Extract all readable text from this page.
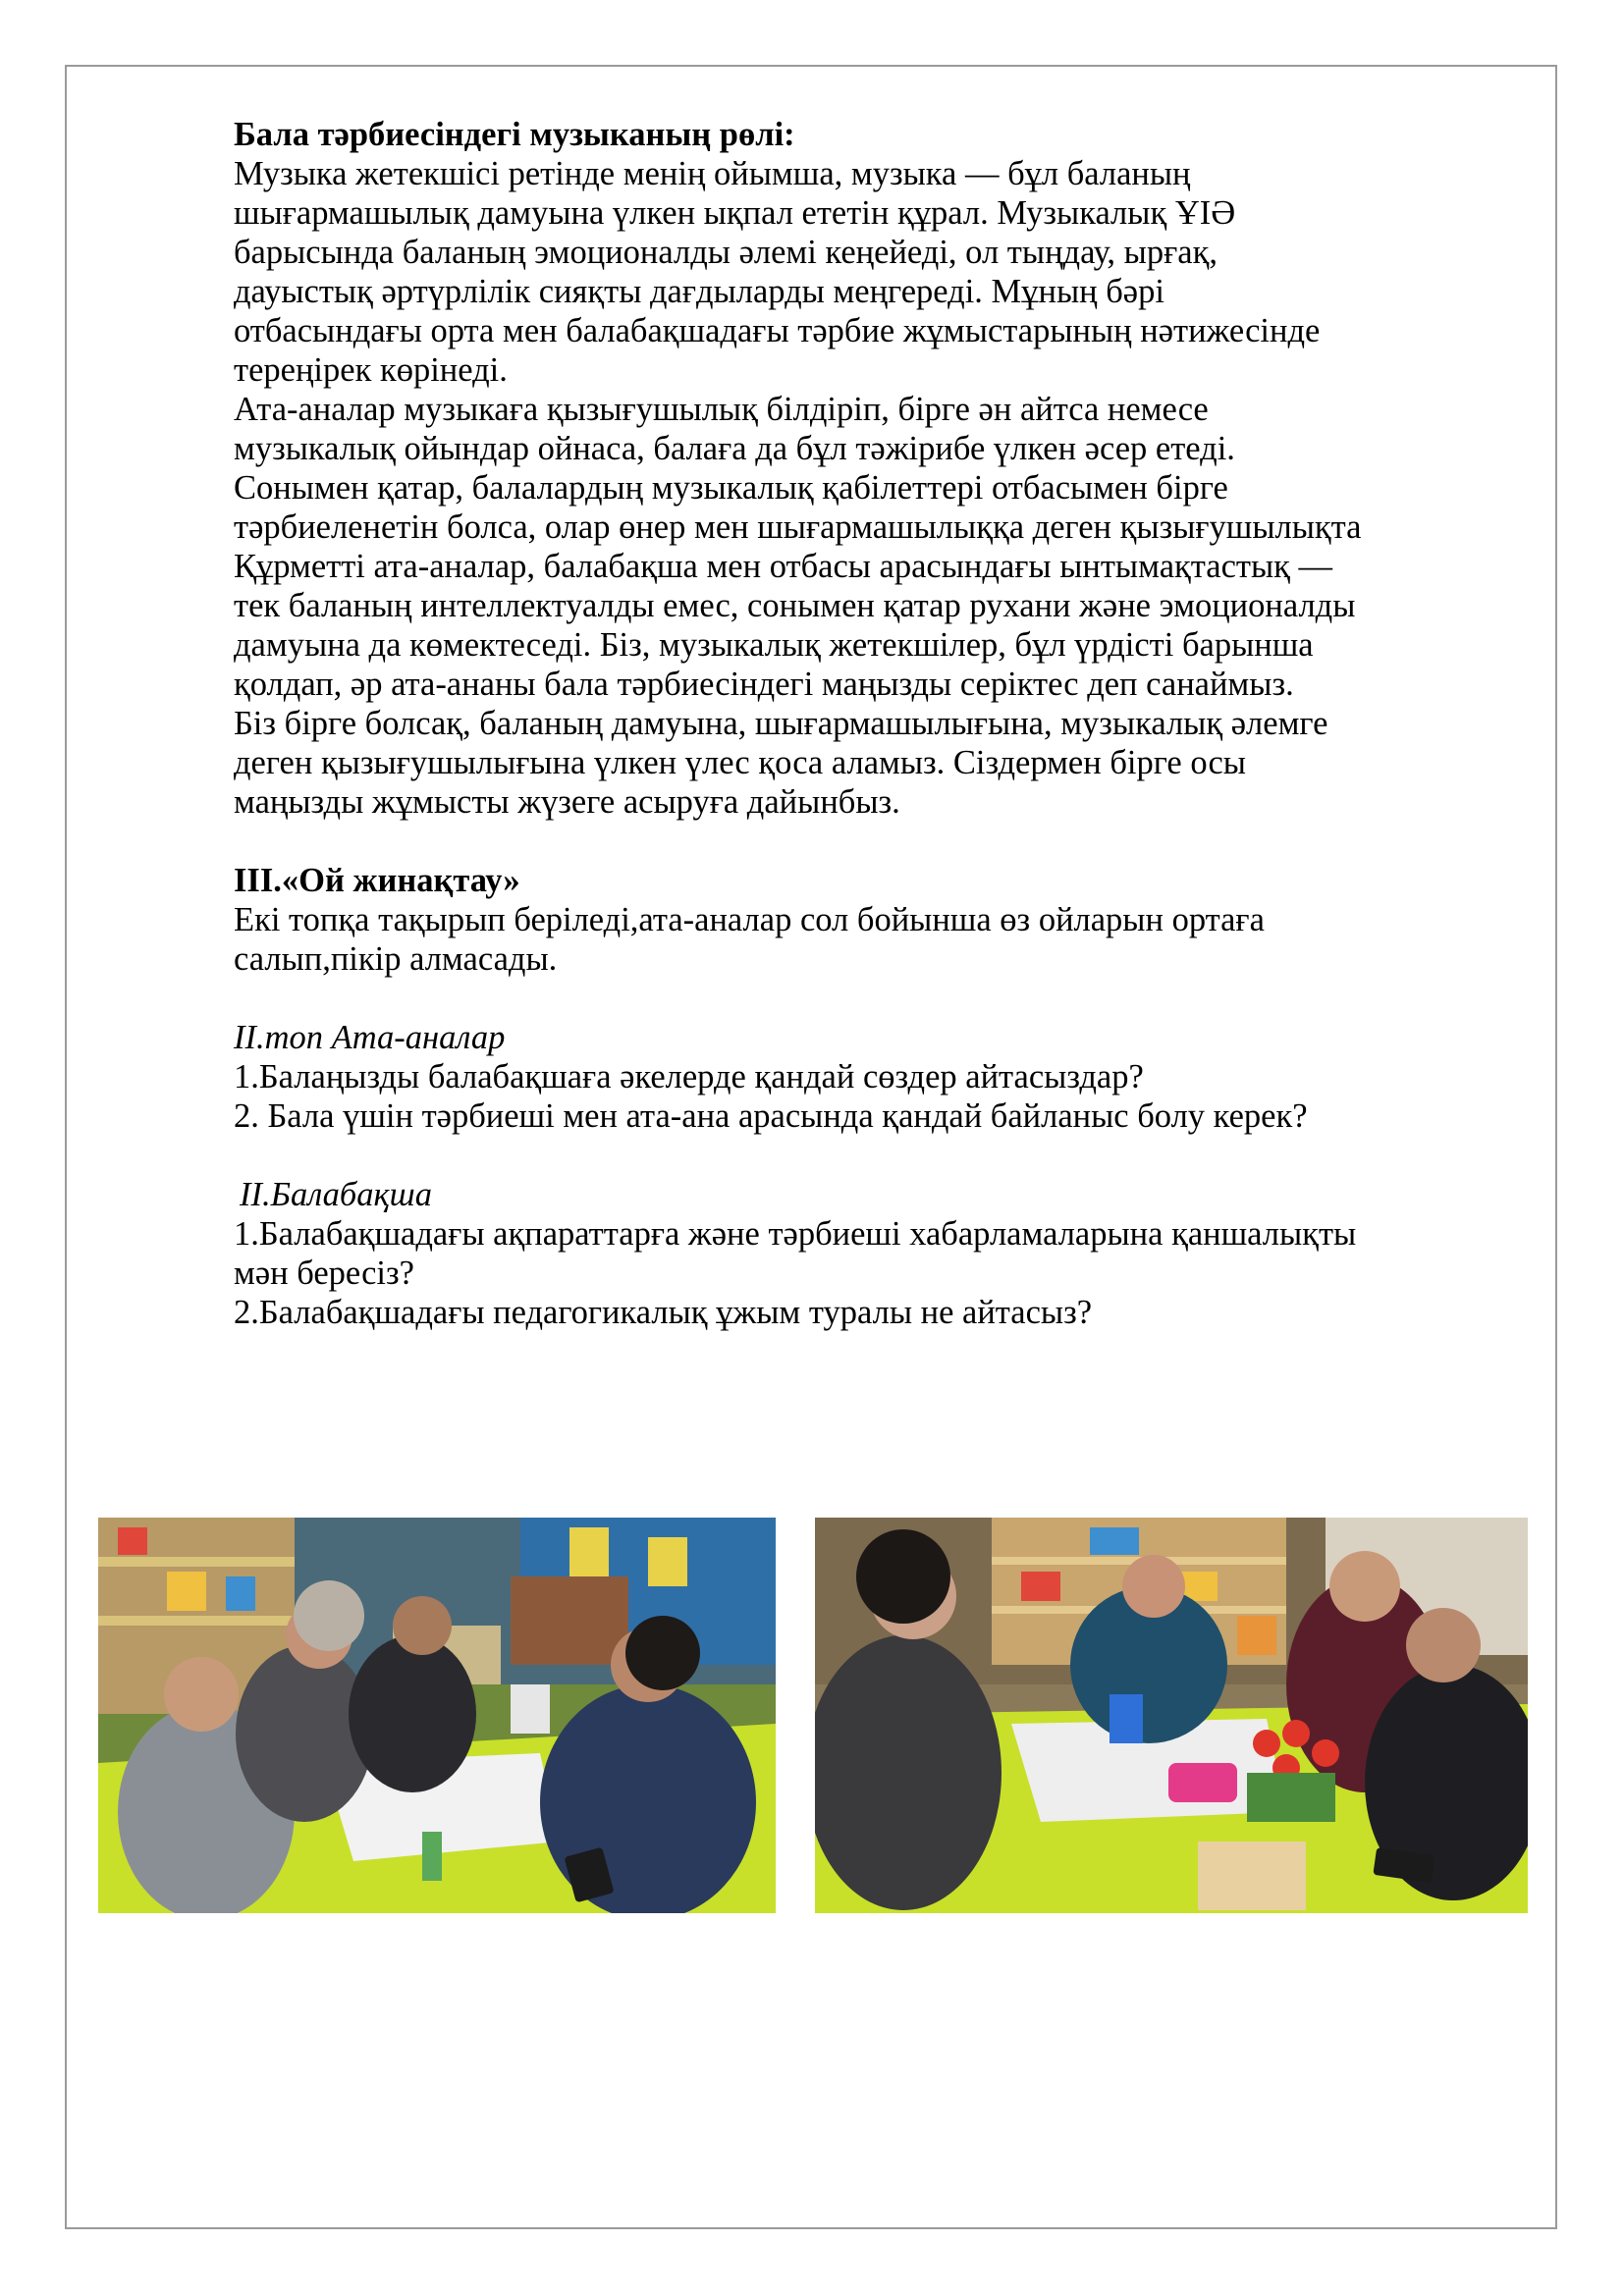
Бала тәрбиесіндегі музыканың рөлі:

Музыка жетекшісі ретінде менің ойымша, музыка — бұл баланың

шығармашылық дамуына үлкен ықпал ететін құрал. Музыкалық ҰІӘ

барысында баланың эмоционалды әлемі кеңейеді, ол тыңдау, ырғақ,

дауыстық әртүрлілік сияқты дағдыларды меңгереді. Мұның бәрі

отбасындағы орта мен балабақшадағы тәрбие жұмыстарының нәтижесінде

тереңірек көрінеді.

Ата-аналар музыкаға қызығушылық білдіріп, бірге ән айтса немесе

музыкалық ойындар ойнаса, балаға да бұл тәжірибе үлкен әсер етеді.

Сонымен қатар, балалардың музыкалық қабілеттері отбасымен бірге

тәрбиеленетін болса, олар өнер мен шығармашылыққа деген қызығушылықта

Құрметті ата-аналар, балабақша мен отбасы арасындағы ынтымақтастық —

тек баланың интеллектуалды емес, сонымен қатар рухани және эмоционалды

дамуына да көмектеседі. Біз, музыкалық жетекшілер, бұл үрдісті барынша

қолдап, әр ата-ананы бала тәрбиесіндегі маңызды серіктес деп санаймыз.

Біз бірге болсақ, баланың дамуына, шығармашылығына, музыкалық әлемге

деген қызығушылығына үлкен үлес қоса аламыз. Сіздермен бірге осы

маңызды жұмысты жүзеге асыруға дайынбыз.

ІІІ.«Ой жинақтау»

Екі топқа тақырып беріледі,ата-аналар сол бойынша өз ойларын ортаға

салып,пікір алмасады.

ІІ.топ Ата-аналар

1.Балаңызды балабақшаға әкелерде қандай сөздер айтасыздар?

2. Бала үшін тәрбиеші мен ата-ана арасында қандай байланыс болу керек?

ІІ.Балабақша

1.Балабақшадағы ақпараттарға және тәрбиеші хабарламаларына қаншалықты

мән бересіз?

2.Балабақшадағы педагогикалық ұжым туралы не айтасыз?
